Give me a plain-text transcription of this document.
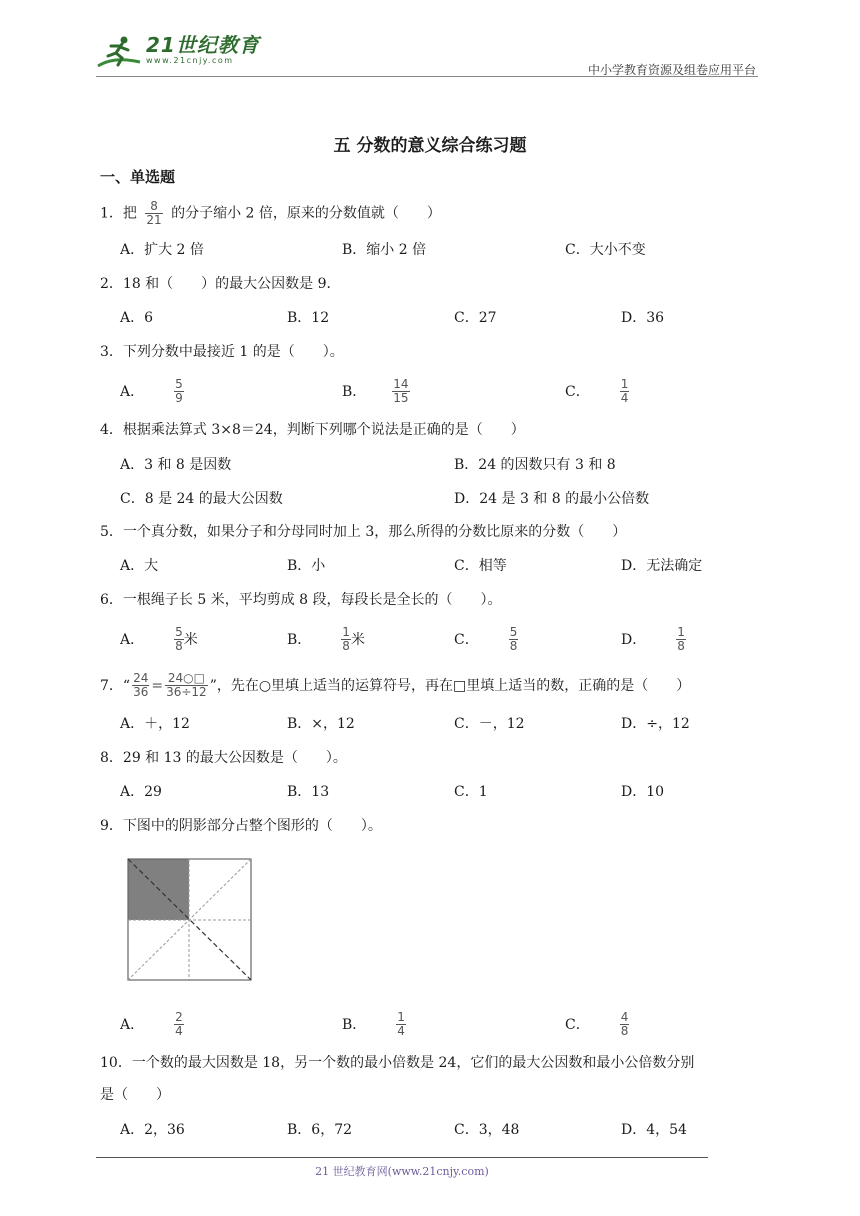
21世纪教育
www.21cnjy.com
中小学教育资源及组卷应用平台
五 分数的意义综合练习题
一、单选题
1．把 $\frac{8}{21}$ 的分子缩小 2 倍，原来的分数值就（　　）
A．扩大 2 倍	B．缩小 2 倍	C．大小不变
2．18 和（　　）的最大公因数是 9．
A．6	B．12	C．27	D．36
3．下列分数中最接近 1 的是（　　）。
A．	$\frac{5}{9}$	B． $\frac{14}{15}$	C．	$\frac{1}{4}$
4．根据乘法算式 3×8＝24，判断下列哪个说法是正确的是（　　）
A．3 和 8 是因数	B．24 的因数只有 3 和 8
C．8 是 24 的最大公因数	D．24 是 3 和 8 的最小公倍数
5．一个真分数，如果分子和分母同时加上 3，那么所得的分数比原来的分数（　　）
A．大	B．小	C．相等	D．无法确定
6．一根绳子长 5 米，平均剪成 8 段，每段长是全长的（　　）。
A．	$\frac{5}{8}$ 米	B．	$\frac{1}{8}$ 米	C．	$\frac{5}{8}$	D．	$\frac{1}{8}$
7．“ $\frac{24}{36} = \frac{24○□}{36\div 12}$ ”，先在○里填上适当的运算符号，再在□里填上适当的数，正确的是（　　）
A．＋，12	B．×，12	C．－，12	D．÷，12
8．29 和 13 的最大公因数是（　　）。
A．29	B．13	C．1	D．10
9．下图中的阴影部分占整个图形的（　　）。
A．	$\frac{2}{4}$	B．	$\frac{1}{4}$	C．	$\frac{4}{8}$
10．一个数的最大因数是 18，另一个数的最小倍数是 24，它们的最大公因数和最小公倍数分别
是（　　）
A．2，36	B．6，72	C．3，48	D．4，54
21 世纪教育网(www.21cnjy.com)
